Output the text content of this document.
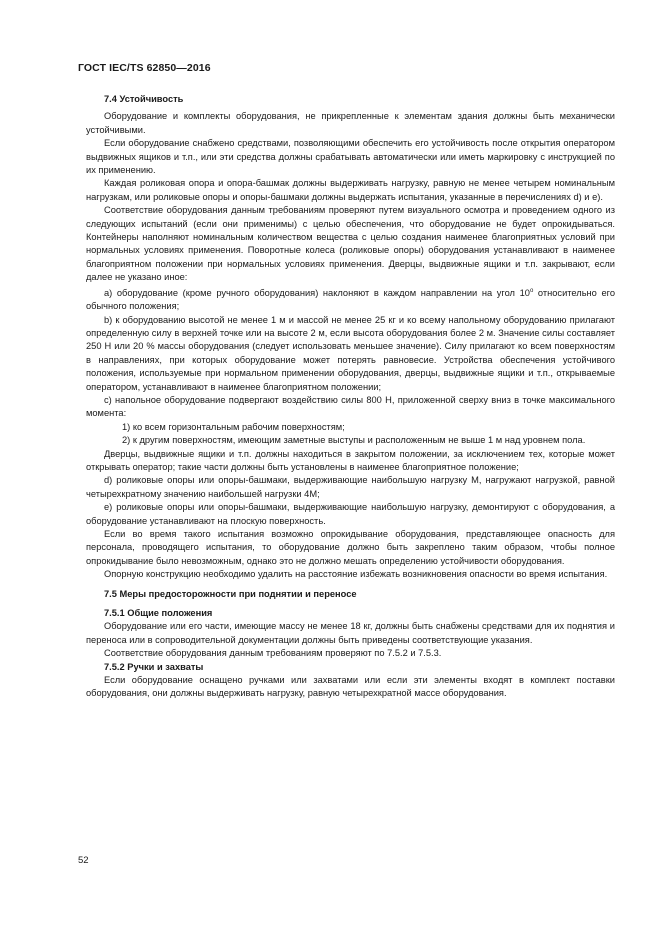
ГОСТ IEC/TS 62850—2016

7.4 Устойчивость

Оборудование и комплекты оборудования, не прикрепленные к элементам здания должны быть механически устойчивыми.

Если оборудование снабжено средствами, позволяющими обеспечить его устойчивость после открытия оператором выдвижных ящиков и т.п., или эти средства должны срабатывать автоматически или иметь маркировку с инструкцией по их применению.

Каждая роликовая опора и опора-башмак должны выдерживать нагрузку, равную не менее четырем номинальным нагрузкам, или роликовые опоры и опоры-башмаки должны выдержать испытания, указанные в перечислениях d) и e).

Соответствие оборудования данным требованиям проверяют путем визуального осмотра и проведением одного из следующих испытаний (если они применимы) с целью обеспечения, что оборудование не будет опрокидываться. Контейнеры наполняют номинальным количеством вещества с целью создания наименее благоприятных условий при нормальных условиях применения. Поворотные колеса (роликовые опоры) оборудования устанавливают в наименее благоприятном положении при нормальных условиях применения. Дверцы, выдвижные ящики и т.п. закрывают, если далее не указано иное:

a) оборудование (кроме ручного оборудования) наклоняют в каждом направлении на угол 10$^o$ относительно его обычного положения;

b) к оборудованию высотой не менее 1 м и массой не менее 25 кг и ко всему напольному оборудованию прилагают определенную силу в верхней точке или на высоте 2 м, если высота оборудования более 2 м. Значение силы составляет 250 Н или 20 % массы оборудования (следует использовать меньшее значение). Силу прилагают ко всем поверхностям в направлениях, при которых оборудование может потерять равновесие. Устройства обеспечения устойчивого положения, используемые при нормальном применении оборудования, дверцы, выдвижные ящики и т.п., открываемые оператором, устанавливают в наименее благоприятном положении;

c) напольное оборудование подвергают воздействию силы 800 Н, приложенной сверху вниз в точке максимального момента:

1) ко всем горизонтальным рабочим поверхностям;

2) к другим поверхностям, имеющим заметные выступы и расположенным не выше 1 м над уровнем пола.

Дверцы, выдвижные ящики и т.п. должны находиться в закрытом положении, за исключением тех, которые может открывать оператор; такие части должны быть установлены в наименее благоприятное положение;

d) роликовые опоры или опоры-башмаки, выдерживающие наибольшую нагрузку М, нагружают нагрузкой, равной четырехкратному значению наибольшей нагрузки 4М;

e) роликовые опоры или опоры-башмаки, выдерживающие наибольшую нагрузку, демонтируют с оборудования, а оборудование устанавливают на плоскую поверхность.

Если во время такого испытания возможно опрокидывание оборудования, представляющее опасность для персонала, проводящего испытания, то оборудование должно быть закреплено таким образом, чтобы полное опрокидывание было невозможным, однако это не должно мешать определению устойчивости оборудования.

Опорную конструкцию необходимо удалить на расстояние избежать возникновения опасности во время испытания.

7.5 Меры предосторожности при поднятии и переносе

7.5.1 Общие положения

Оборудование или его части, имеющие массу не менее 18 кг, должны быть снабжены средствами для их поднятия и переноса или в сопроводительной документации должны быть приведены соответствующие указания.

Соответствие оборудования данным требованиям проверяют по 7.5.2 и 7.5.3.

7.5.2 Ручки и захваты

Если оборудование оснащено ручками или захватами или если эти элементы входят в комплект поставки оборудования, они должны выдерживать нагрузку, равную четырехкратной массе оборудования.

52
